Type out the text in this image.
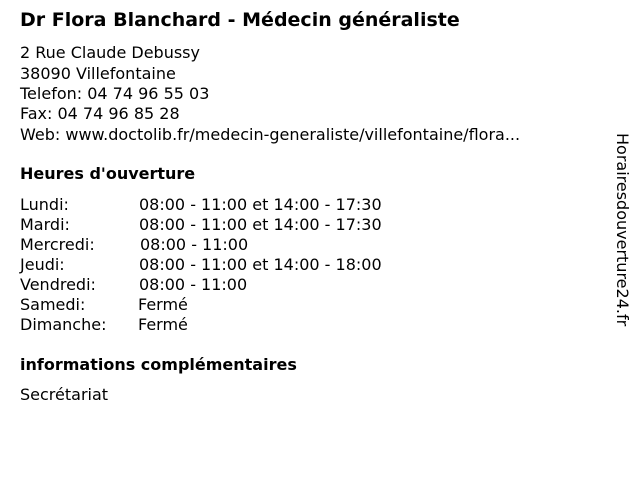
Dr Flora Blanchard - Médecin généraliste
2 Rue Claude Debussy
38090 Villefontaine
Telefon: 04 74 96 55 03
Fax: 04 74 96 85 28
Web: www.doctolib.fr/medecin-generaliste/villefontaine/flora...
Heures d'ouverture
Lundi:	08:00 - 11:00 et 14:00 - 17:30
Mardi:	08:00 - 11:00 et 14:00 - 17:30
Mercredi:	08:00 - 11:00
Jeudi:	08:00 - 11:00 et 14:00 - 18:00
Vendredi:	08:00 - 11:00
Samedi:	Fermé
Dimanche: Fermé
informations complémentaires
Secrétariat
Horairesdouverture24.fr
